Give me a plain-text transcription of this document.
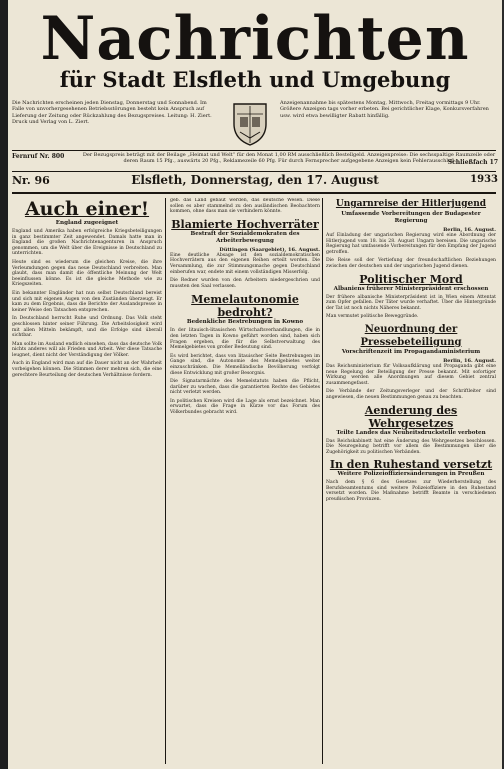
Nachrichten
für Stadt Elsfleth und Umgebung
Die Nachrichten erscheinen jeden Dienstag, Donnerstag und Sonnabend. Im Falle von unvorhergesehenen Betriebsstörungen besteht kein Anspruch auf Lieferung der Zeitung oder Rückzahlung des Bezugspreises. Leitung: H. Ziert. Druck und Verlag von L. Ziert.
Anzeigenannahme bis spätestens Montag, Mittwoch, Freitag vormittags 9 Uhr. Größere Anzeigen tags vorher erbeten. Bei gerichtlicher Klage, Konkursverfahren usw. wird etwa bewilligter Rabatt hinfällig.
Fernruf Nr. 800	Der Bezugspreis beträgt mit der Beilage „Heimat und Welt“ für den Monat 1,00 RM ausschließlich Bestellgeld. Anzeigenpreise: Die sechsspaltige Raumzeile oder deren Raum 15 Pfg., auswärts 20 Pfg., Reklamezeile 60 Pfg. Für durch Fernsprecher aufgegebene Anzeigen kein Fehlerausschluß
Schließfach 17
Nr. 96	Elsfleth, Donnerstag, den 17. August	1933
Auch einer!
England zugeeignet

England und Amerika haben erfolgreiche Kriegsbeteiligungen in ganz bestimmter Zeit angewendet. Damals hatte man in England die großen Nachrichtenagenturen in Anspruch genommen, um die Welt über die Ereignisse in Deutschland zu unterrichten.

Heute sind es wiederum die gleichen Kreise, die ihre Verleumdungen gegen das neue Deutschland verbreiten. Man glaubt, dass man damit die öffentliche Meinung der Welt beeinflussen könne. Es ist die gleiche Methode wie zu Kriegszeiten.

Ein bekannter Engländer hat nun selbst Deutschland bereist und sich mit eigenen Augen von den Zuständen überzeugt. Er kam zu dem Ergebnis, dass die Berichte der Auslandspresse in keiner Weise den Tatsachen entsprechen.

In Deutschland herrscht Ruhe und Ordnung. Das Volk steht geschlossen hinter seiner Führung. Die Arbeitslosigkeit wird mit allen Mitteln bekämpft, und die Erfolge sind überall sichtbar.

Man sollte im Ausland endlich einsehen, dass das deutsche Volk nichts anderes will als Frieden und Arbeit. Wer diese Tatsache leugnet, dient nicht der Verständigung der Völker.

Auch in England wird man auf die Dauer nicht an der Wahrheit vorbeigehen können. Die Stimmen derer mehren sich, die eine gerechtere Beurteilung der deutschen Verhältnisse fordern.

geb. das Land gebaut werden, das deutsche Wesen. Diese sollen es aber stammelnd zu den ausländischen Beobachtern kommen, ohne dass man sie verhindern könnte.

Blamierte Hochverräter
Bestraft der Sozialdemokraten des Arbeiterbewegung
Düttingen (Saargebiet), 16. August.

Eine deutliche Absage ist den sozialdemokratischen Hochverrätern aus den eigenen Reihen erteilt worden. Die Versammlung, die zur Stimmungsmache gegen Deutschland einberufen war, endete mit einem vollständigen Misserfolg.

Die Redner wurden von den Arbeitern niedergeschrien und mussten den Saal verlassen.

Memelautonomie bedroht?
Bedenkliche Bestrebungen in Kowno

In der litauisch-litauischen Wirtschaftsverhandlungen, die in den letzten Tagen in Kowno geführt worden sind, haben sich Fragen ergeben, die für die Selbstverwaltung des Memelgebietes von großer Bedeutung sind.

Es wird berichtet, dass von litauischer Seite Bestrebungen im Gange sind, die Autonomie des Memelgebietes weiter einzuschränken. Die Memelländische Bevölkerung verfolgt diese Entwicklung mit großer Besorgnis.

Die Signatarmächte des Memelstatuts haben die Pflicht, darüber zu wachen, dass die garantierten Rechte des Gebietes nicht verletzt werden.

In politischen Kreisen wird die Lage als ernst bezeichnet. Man erwartet, dass die Frage in Kürze vor das Forum des Völkerbundes gebracht wird.

Ungarnreise der Hitlerjugend
Umfassende Vorbereitungen der Budapester Regierung
Berlin, 16. August.

Auf Einladung der ungarischen Regierung wird eine Abordnung der Hitlerjugend vom 18. bis 28. August Ungarn bereisen. Die ungarische Regierung hat umfassende Vorbereitungen für den Empfang der Jugend getroffen.

Die Reise soll der Vertiefung der freundschaftlichen Beziehungen zwischen der deutschen und der ungarischen Jugend dienen.

Politischer Mord
Albaniens früherer Ministerpräsident erschossen

Der frühere albanische Ministerpräsident ist in Wien einem Attentat zum Opfer gefallen. Der Täter wurde verhaftet. Über die Hintergründe der Tat ist noch nichts Näheres bekannt.

Man vermutet politische Beweggründe.

Neuordnung der Pressebeteiligung
Vorschriftenzeit im Propagandaministerium
Berlin, 16. August.

Das Reichsministerium für Volksaufklärung und Propaganda gibt eine neue Regelung der Beteiligung der Presse bekannt. Mit sofortiger Wirkung werden alle Anordnungen auf diesem Gebiet zentral zusammengefasst.

Die Verbände der Zeitungsverleger und der Schriftleiter sind angewiesen, die neuen Bestimmungen genau zu beachten.

Aenderung des Wehrgesetzes
Teilte Landes das Neuheitsdruckstelle verboten

Das Reichskabinett hat eine Änderung des Wehrgesetzes beschlossen. Die Neuregelung betrifft vor allem die Bestimmungen über die Zugehörigkeit zu politischen Verbänden.

In den Ruhestand versetzt
Weitere Polizeioffiziersänderungen in Preußen

Nach dem § 6 des Gesetzes zur Wiederherstellung des Berufsbeamtentums sind weitere Polizeioffiziere in den Ruhestand versetzt worden. Die Maßnahme betrifft Beamte in verschiedenen preußischen Provinzen.
